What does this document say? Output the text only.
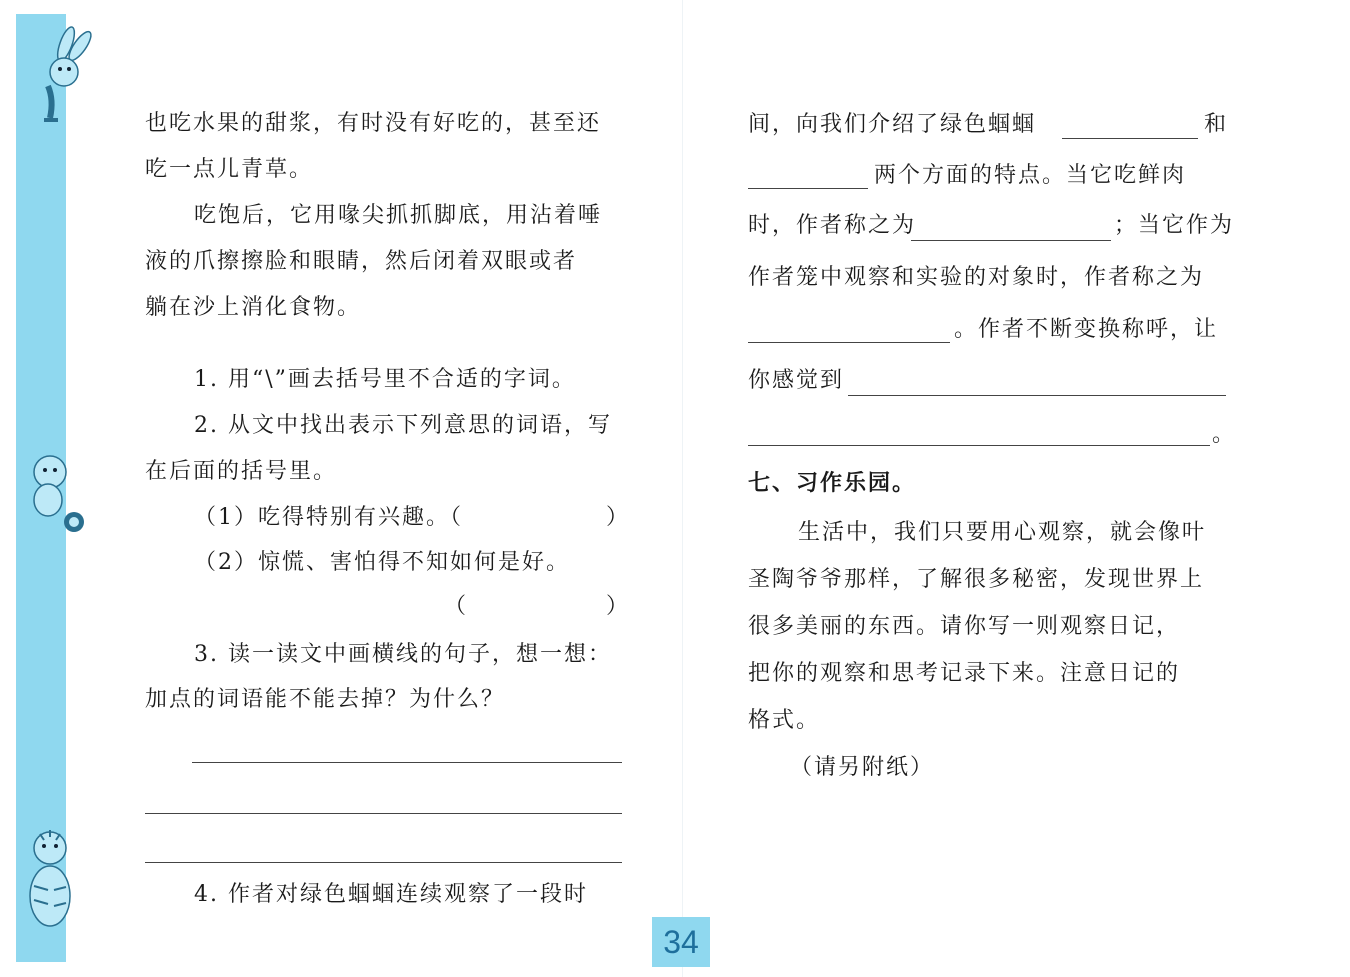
也吃水果的甜浆，有时没有好吃的，甚至还
吃一点儿青草。
吃饱后，它用喙尖抓抓脚底，用沾着唾
液的爪擦擦脸和眼睛，然后闭着双眼或者
躺在沙上消化食物。
1. 用“\”画去括号里不合适的字词。
2. 从文中找出表示下列意思的词语，写
在后面的括号里。
（1）吃得特别有兴趣。（	）
（2）惊慌、害怕得不知如何是好。
（	）
3. 读一读文中画横线的句子，想一想：
加点的词语能不能去掉？为什么？
4. 作者对绿色蝈蝈连续观察了一段时
间，向我们介绍了绿色蝈蝈	和
两个方面的特点。当它吃鲜肉
时，作者称之为	；当它作为
作者笼中观察和实验的对象时，作者称之为
。作者不断变换称呼，让
你感觉到
。
七、习作乐园。
生活中，我们只要用心观察，就会像叶
圣陶爷爷那样，了解很多秘密，发现世界上
很多美丽的东西。请你写一则观察日记，
把你的观察和思考记录下来。注意日记的
格式。
（请另附纸）
34
